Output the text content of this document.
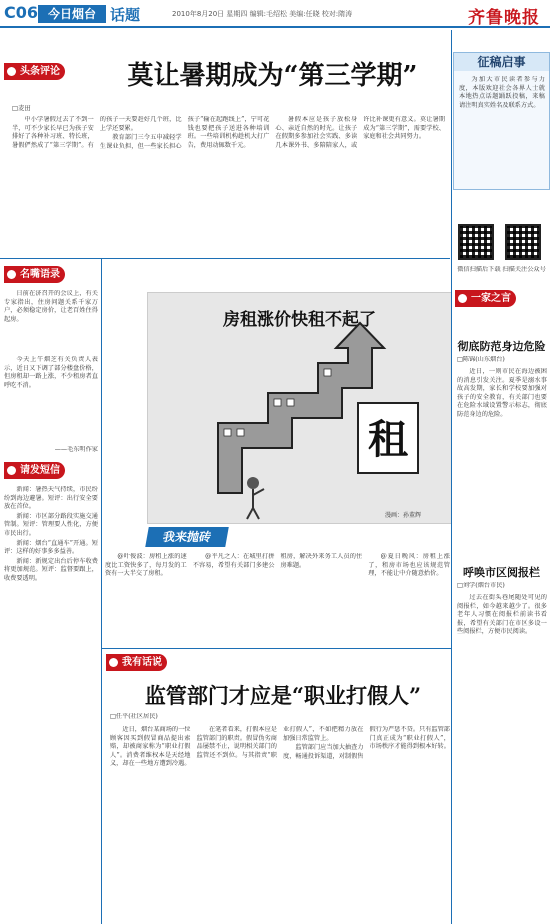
C06 今日烟台 话题	2010年8月20日 星期四 编辑:毛绍松 美编:任晓 校对:隋涛	齐鲁晚报
头条评论	莫让暑期成为“第三学期”
□麦田

中小学暑假过去了不到一半，可不少家长早已为孩子安排好了各种补习班、特长班，暑假俨然成了“第三学期”。有的孩子一天要赶好几个班，比上学还要累。

教育部门三令五申减轻学生课业负担，但一些家长担心孩子“输在起跑线上”，宁可花钱也要把孩子送进各种培训班。一些培训机构趁机大打广告，费用动辄数千元。

暑假本应是孩子放松身心、亲近自然的时光。让孩子在假期多参加社会实践、多读几本课外书、多陪陪家人，或许比补课更有意义。莫让暑期成为“第三学期”，需要学校、家庭和社会共同努力。

名嘴语录

日前在济召开的会议上，有关专家指出，住房问题关系千家万户，必须稳定房价，让老百姓住得起房。

今天上午烟芝有关负责人表示，近日又下调了部分楼盘价格，但房租却一路上涨，不少租房者直呼吃不消。

——毛东明作家
请发短信

新闻：暑热天气持续，市民纷纷到海边避暑。短评：出行安全要放在首位。

新闻：市区部分路段实施交通管制。短评：管理要人性化，方便市民出行。

新闻：烟台“直通车”开通。短评：这样的好事多多益善。

新闻：新规定出台后停车收费将更加规范。短评：监督要跟上，收费要透明。

房租涨价快租不起了
租
漫画：孙董辉
我来抛砖

@叶俊波：房租上涨的速度比工资快多了，每月发的工资有一大半交了房租。

@平凡之人：在城里打拼不容易，希望有关部门多建公租房，解决外来务工人员的住房难题。

@夏日晚风：房租上涨了，租房市场也应该规范管理，不能让中介随意抬价。

我有话说
监管部门才应是“职业打假人”
□任平(社区居民)

近日，烟台某商场的一位顾客因买到假冒商品提出索赔，却被商家称为“职业打假人”。消费者维权本是天经地义，却在一些地方遭到冷遇。

在笔者看来，打假本应是监管部门的职责。假冒伪劣商品屡禁不止，说明相关部门的监管还不到位。与其指责“职业打假人”，不如把精力放在加强日常监管上。

监管部门应当加大抽查力度，畅通投诉渠道，对制假售假行为严惩不贷。只有监管部门真正成为“职业打假人”，市场秩序才能得到根本好转。

征稿启事

为加大市民读者参与力度，本版欢迎社会各界人士就本地热点话题踊跃投稿，来稿请注明真实姓名及联系方式。

微信扫描后下载 扫描关注公众号
一家之言
彻底防范身边危险
□陈锦(山东烟台)

近日，一则市民在海边被困的消息引发关注。夏季是溺水事故高发期，家长和学校要加强对孩子的安全教育，有关部门也要在危险水域设置警示标志，彻底防范身边的危险。

呼唤市区阅报栏
□刘学(烟台市民)

过去在街头巷尾随处可见的阅报栏，如今越来越少了。很多老年人习惯在阅报栏前读书看报，希望有关部门在市区多设一些阅报栏，方便市民阅读。
